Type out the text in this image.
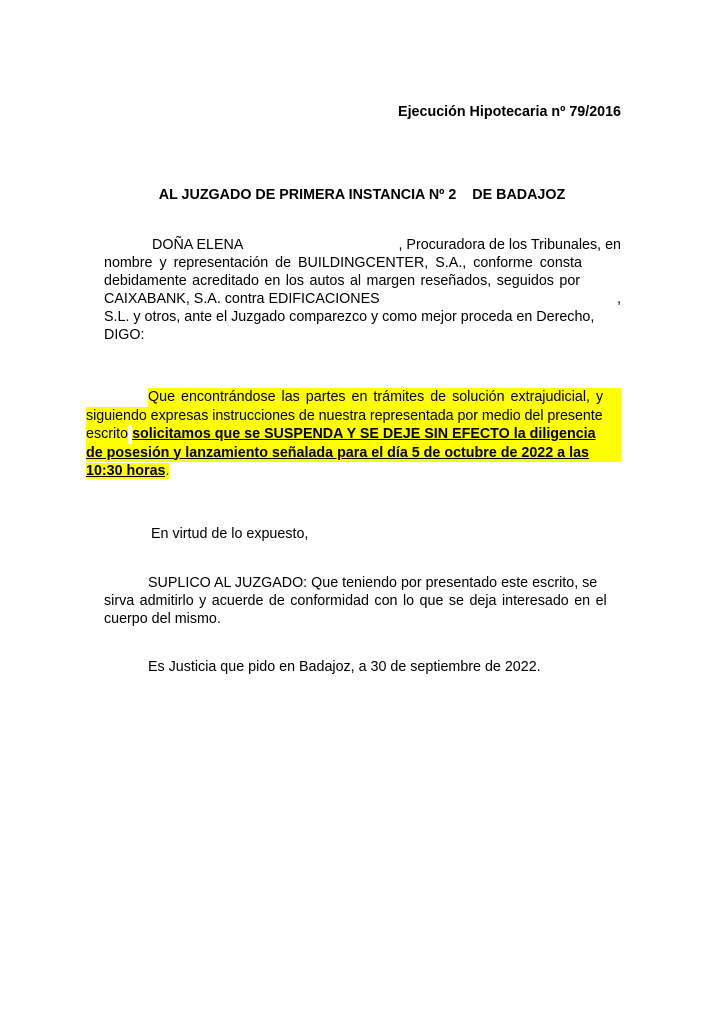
Ejecución Hipotecaria nº 79/2016
AL JUZGADO DE PRIMERA INSTANCIA Nº 2 DE BADAJOZ
DOÑA ELENA	, Procuradora de los Tribunales, en
nombre y representación de BUILDINGCENTER, S.A., conforme consta
debidamente acreditado en los autos al margen reseñados, seguidos por
CAIXABANK, S.A. contra EDIFICACIONES	,
S.L. y otros, ante el Juzgado comparezco y como mejor proceda en Derecho,
DIGO:
Que encontrándose las partes en trámites de solución extrajudicial, y
siguiendo expresas instrucciones de nuestra representada por medio del presente
escrito solicitamos que se SUSPENDA Y SE DEJE SIN EFECTO la diligencia
de posesión y lanzamiento señalada para el día 5 de octubre de 2022 a las
10:30 horas.
En virtud de lo expuesto,
SUPLICO AL JUZGADO: Que teniendo por presentado este escrito, se
sirva admitirlo y acuerde de conformidad con lo que se deja interesado en el
cuerpo del mismo.
Es Justicia que pido en Badajoz, a 30 de septiembre de 2022.
